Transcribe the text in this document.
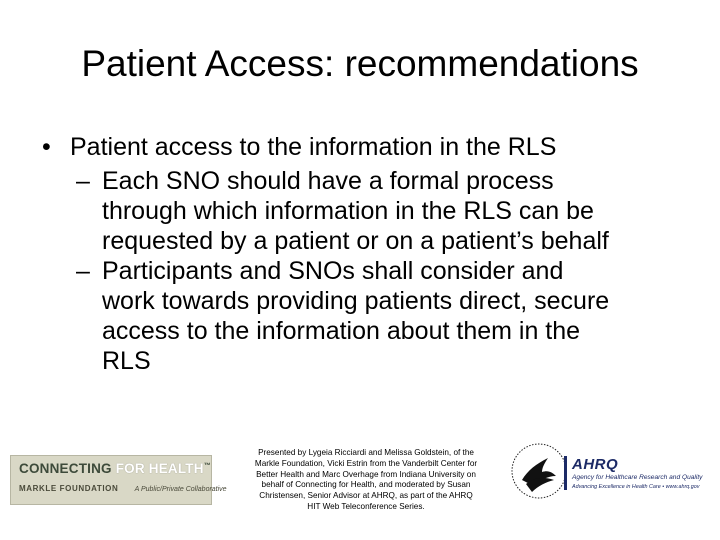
Patient Access: recommendations
• Patient access to the information in the RLS
– Each SNO should have a formal process
through which information in the RLS can be
requested by a patient or on a patient’s behalf
– Participants and SNOs shall consider and
work towards providing patients direct, secure
access to the information about them in the
RLS
CONNECTING FOR HEALTH™
MARKLE FOUNDATION A Public/Private Collaborative
Presented by Lygeia Ricciardi and Melissa Goldstein, of the
Markle Foundation, Vicki Estrin from the Vanderbilt Center for
Better Health and Marc Overhage from Indiana University on
behalf of Connecting for Health, and moderated by Susan
Christensen, Senior Advisor at AHRQ, as part of the AHRQ
HIT Web Teleconference Series.
AHRQ
Agency for Healthcare Research and Quality
Advancing Excellence in Health Care • www.ahrq.gov
